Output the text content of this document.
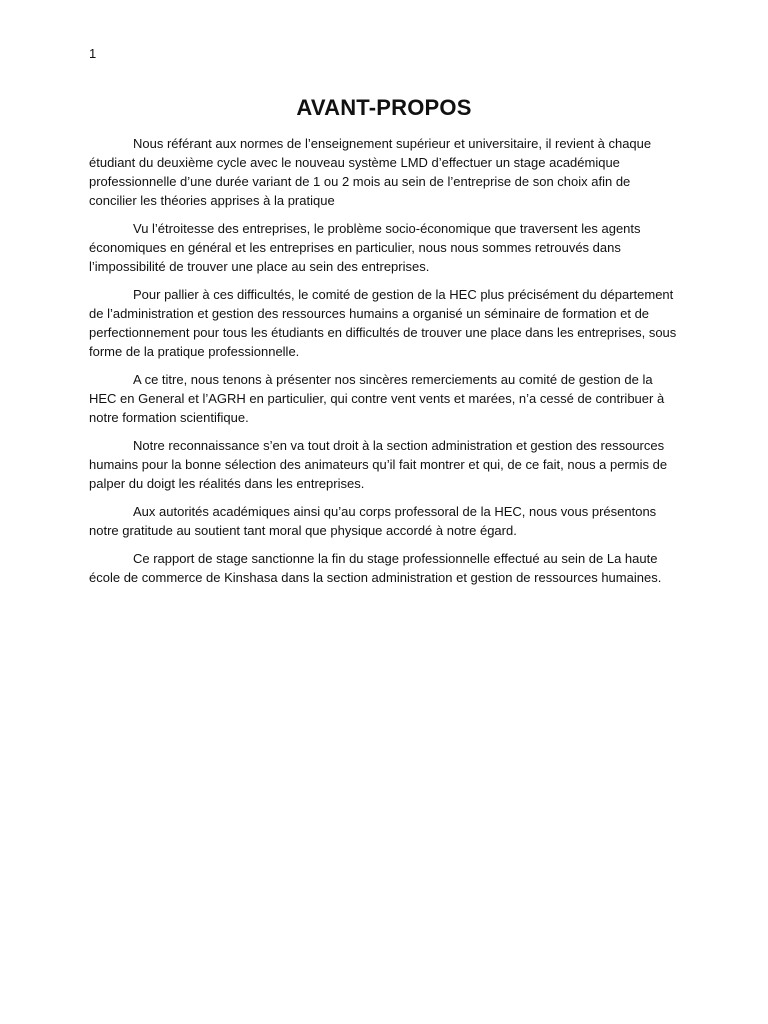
1
AVANT-PROPOS

Nous référant aux normes de l’enseignement supérieur et universitaire, il revient à chaque étudiant du deuxième cycle avec le nouveau système LMD d’effectuer un stage académique professionnelle d’une durée variant de 1 ou 2 mois au sein de l’entreprise de son choix afin de concilier les théories apprises à la pratique

Vu l’étroitesse des entreprises, le problème socio-économique que traversent les agents économiques en général et les entreprises en particulier, nous nous sommes retrouvés dans l’impossibilité de trouver une place au sein des entreprises.

Pour pallier à ces difficultés, le comité de gestion de la HEC plus précisément du département de l’administration et gestion des ressources humains a organisé un séminaire de formation et de perfectionnement pour tous les étudiants en difficultés de trouver une place dans les entreprises, sous forme de la pratique professionnelle.

A ce titre, nous tenons à présenter nos sincères remerciements au comité de gestion de la HEC en General et l’AGRH en particulier, qui contre vent vents et marées, n’a cessé de contribuer à notre formation scientifique.

Notre reconnaissance s’en va tout droit à la section administration et gestion des ressources humains pour la bonne sélection des animateurs qu’il fait montrer et qui, de ce fait, nous a permis de palper du doigt les réalités dans les entreprises.

Aux autorités académiques ainsi qu’au corps professoral de la HEC, nous vous présentons notre gratitude au soutient tant moral que physique accordé à notre égard.

Ce rapport de stage sanctionne la fin du stage professionnelle effectué au sein de La haute école de commerce de Kinshasa dans la section administration et gestion de ressources humaines.
